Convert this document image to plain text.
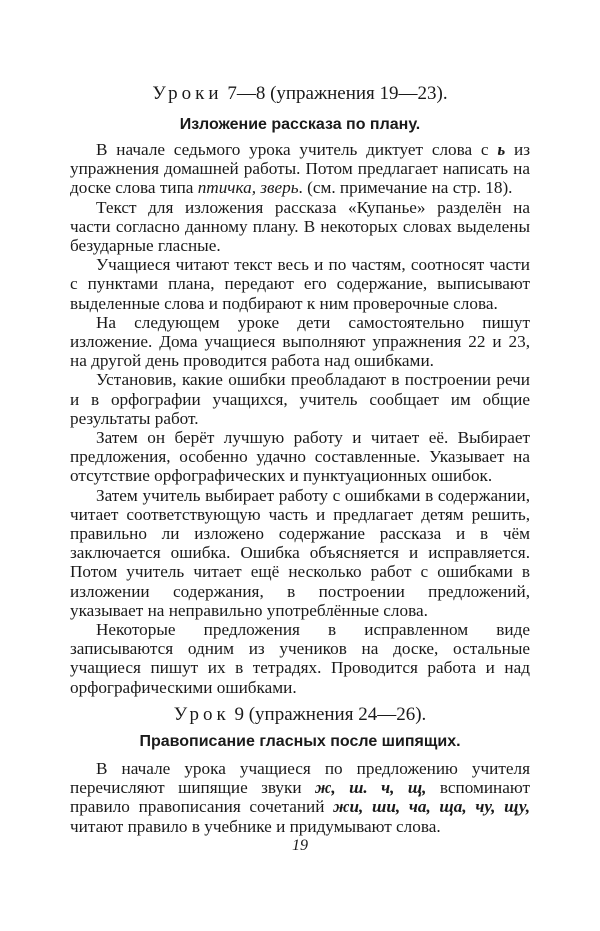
Уроки 7—8 (упражнения 19—23).
Изложение рассказа по плану.

В начале седьмого урока учитель диктует слова с ь из упражнения домашней работы. Потом предлагает написать на доске слова типа птичка, зверь. (см. примечание на стр. 18).

Текст для изложения рассказа «Купанье» разделён на части согласно данному плану. В некоторых словах выделены безударные гласные.

Учащиеся читают текст весь и по частям, соотносят части с пунктами плана, передают его содержание, выписывают выделенные слова и подбирают к ним проверочные слова.

На следующем уроке дети самостоятельно пишут изложение. Дома учащиеся выполняют упражнения 22 и 23, на другой день проводится работа над ошибками.

Установив, какие ошибки преобладают в построении речи и в орфографии учащихся, учитель сообщает им общие результаты работ.

Затем он берёт лучшую работу и читает её. Выбирает предложения, особенно удачно составленные. Указывает на отсутствие орфографических и пунктуационных ошибок.

Затем учитель выбирает работу с ошибками в содержании, читает соответствующую часть и предлагает детям решить, правильно ли изложено содержание рассказа и в чём заключается ошибка. Ошибка объясняется и исправляется. Потом учитель читает ещё несколько работ с ошибками в изложении содержания, в построении предложений, указывает на неправильно употреблённые слова.

Некоторые предложения в исправленном виде записываются одним из учеников на доске, остальные учащиеся пишут их в тетрадях. Проводится работа и над орфографическими ошибками.

Урок 9 (упражнения 24—26).
Правописание гласных после шипящих.

В начале урока учащиеся по предложению учителя перечисляют шипящие звуки ж, ш. ч, щ, вспоминают правило правописания сочетаний жи, ши, ча, ща, чу, щу, читают правило в учебнике и придумывают слова.

19
